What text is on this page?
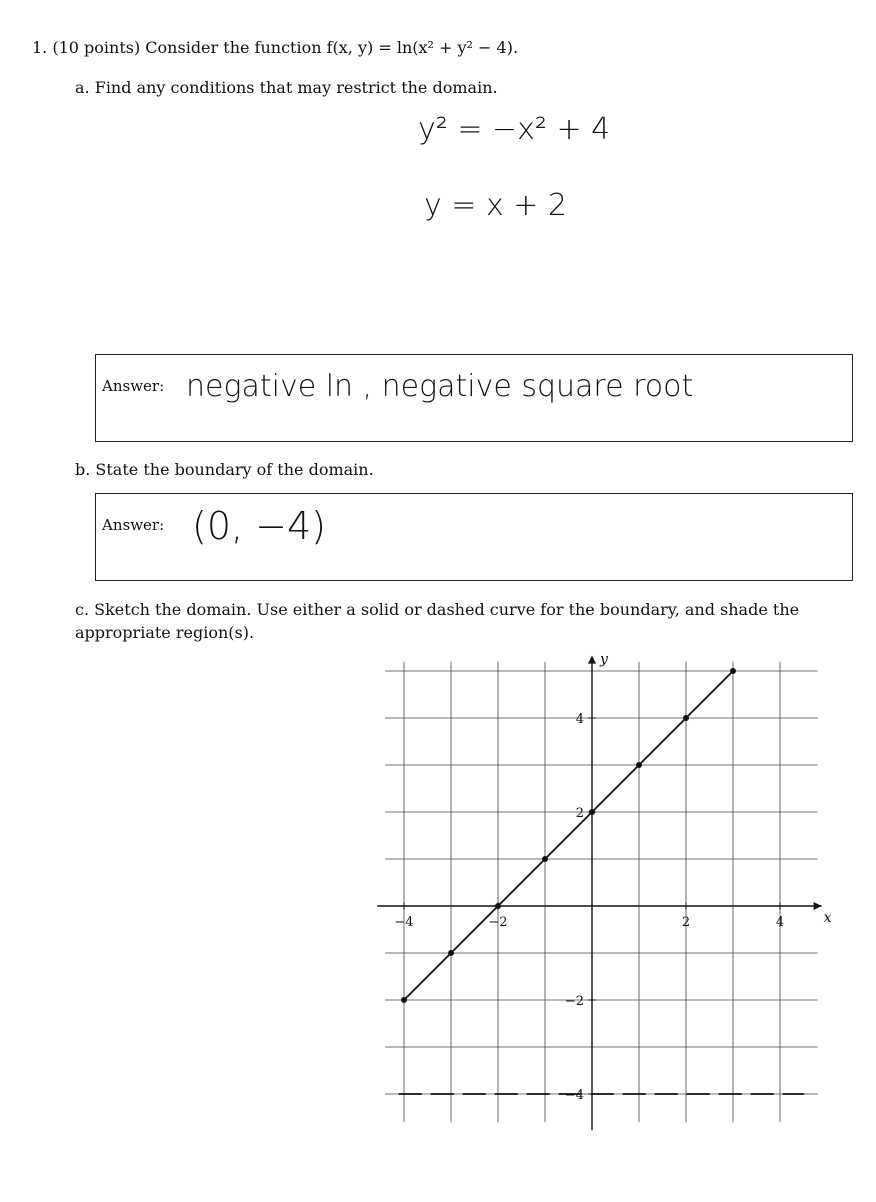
1. (10 points) Consider the function f(x, y) = ln(x² + y² − 4).
a. Find any conditions that may restrict the domain.
y² = −x² + 4
y = x + 2
Answer: negative ln , negative square root
b. State the boundary of the domain.
Answer: (0, −4)
c. Sketch the domain. Use either a solid or dashed curve for the boundary, and shade the appropriate region(s).
x
y
−4	−2	2	4
4
2
−2
−4
